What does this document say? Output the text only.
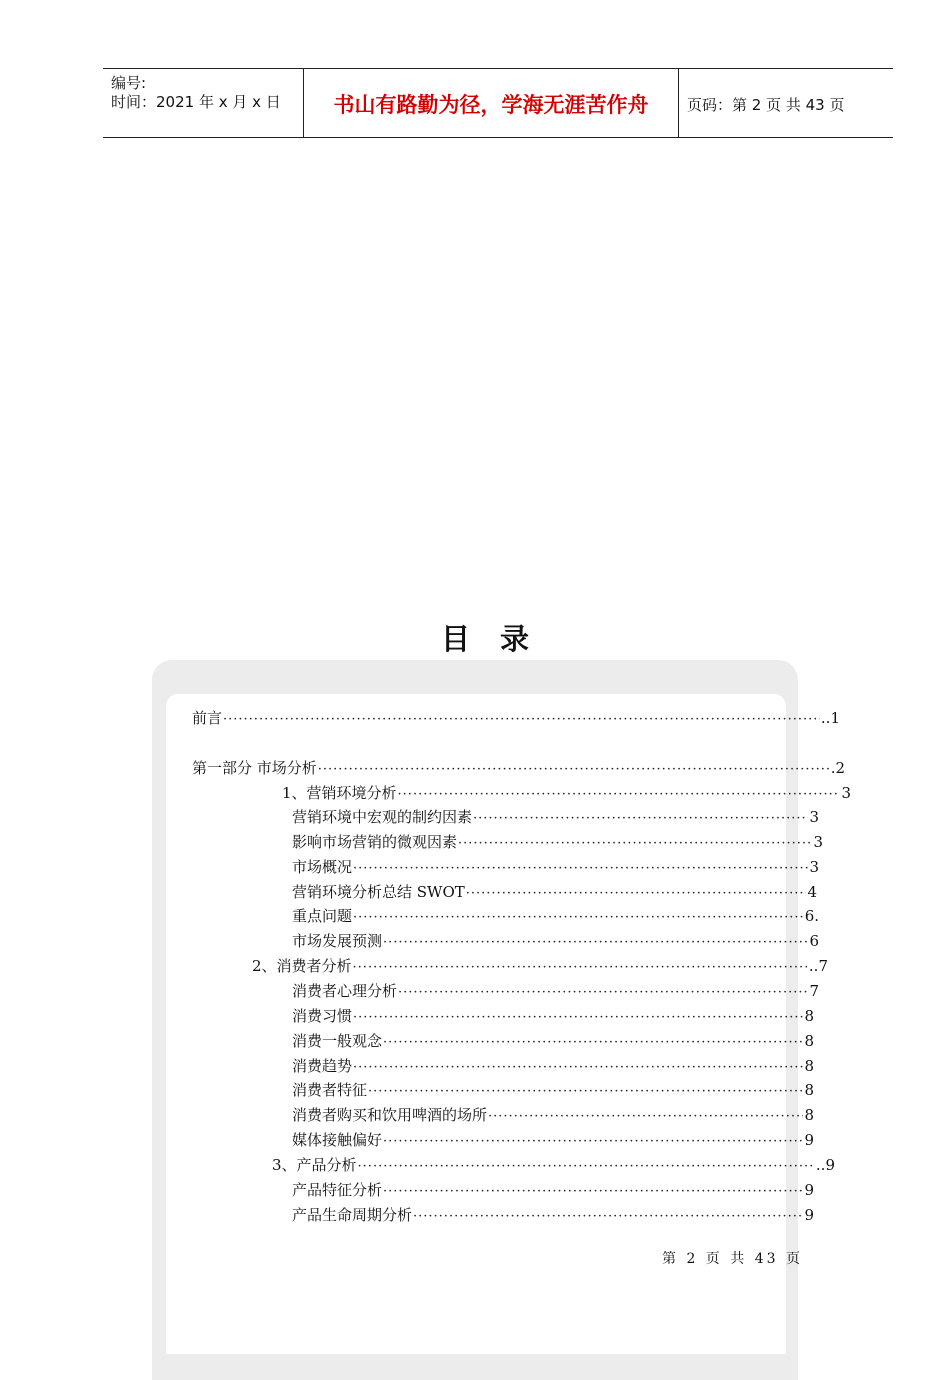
编号:
时间：2021 年 x 月 x 日	书山有路勤为径，学海无涯苦作舟	页码：第 2 页 共 43 页
目录
前言 ·····	..1
第一部分 市场分析 ·····	.2
1、营销环境分析 ·····	3
营销环境中宏观的制约因素 ·····	3
影响市场营销的微观因素 ·····	3
市场概况 ·····	3
营销环境分析总结 SWOT ·····	4
重点问题 ·····	6.
市场发展预测 ·····	6
2、消费者分析 ·····	..7
消费者心理分析 ·····	7
消费习惯 ·····	8
消费一般观念 ·····	8
消费趋势 ·····	8
消费者特征 ·····	8
消费者购买和饮用啤酒的场所 ·····	8
媒体接触偏好 ·····	9
3、产品分析 ·····	..9
产品特征分析 ·····	9
产品生命周期分析 ·····	9
第 2 页 共 43 页
